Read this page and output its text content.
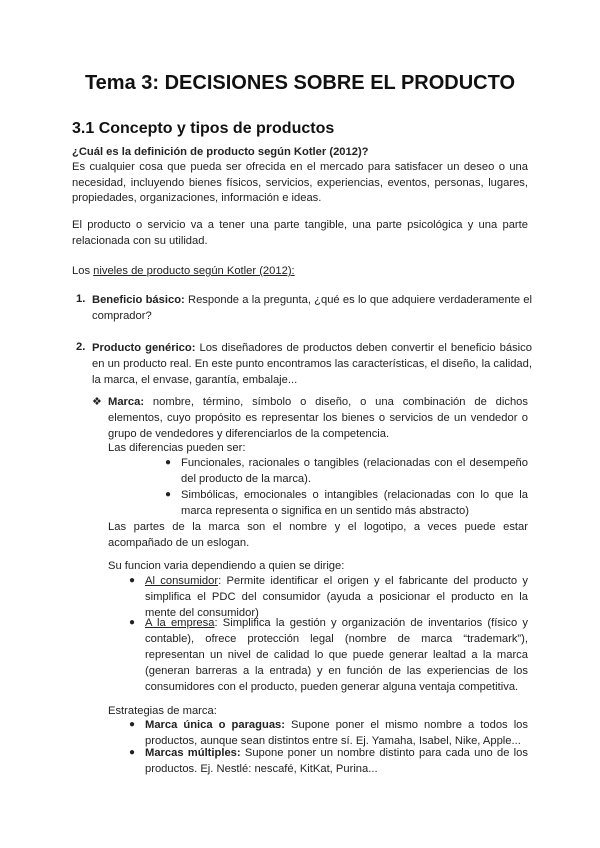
Tema 3: DECISIONES SOBRE EL PRODUCTO
3.1 Concepto y tipos de productos
¿Cuál es la definición de producto según Kotler (2012)?
Es cualquier cosa que pueda ser ofrecida en el mercado para satisfacer un deseo o una necesidad, incluyendo bienes físicos, servicios, experiencias, eventos, personas, lugares, propiedades, organizaciones, información e ideas.
El producto o servicio va a tener una parte tangible, una parte psicológica y una parte relacionada con su utilidad.
Los niveles de producto según Kotler (2012):
1. Beneficio básico: Responde a la pregunta, ¿qué es lo que adquiere verdaderamente el comprador?
2. Producto genérico: Los diseñadores de productos deben convertir el beneficio básico en un producto real. En este punto encontramos las características, el diseño, la calidad, la marca, el envase, garantía, embalaje...
❖ Marca: nombre, término, símbolo o diseño, o una combinación de dichos elementos, cuyo propósito es representar los bienes o servicios de un vendedor o grupo de vendedores y diferenciarlos de la competencia.
Las diferencias pueden ser:
● Funcionales, racionales o tangibles (relacionadas con el desempeño del producto de la marca).
● Simbólicas, emocionales o intangibles (relacionadas con lo que la marca representa o significa en un sentido más abstracto)
Las partes de la marca son el nombre y el logotipo, a veces puede estar acompañado de un eslogan.
Su funcion varia dependiendo a quien se dirige:
● Al consumidor: Permite identificar el origen y el fabricante del producto y simplifica el PDC del consumidor (ayuda a posicionar el producto en la mente del consumidor)
● A la empresa: Simplifica la gestión y organización de inventarios (físico y contable), ofrece protección legal (nombre de marca “trademark”), representan un nivel de calidad lo que puede generar lealtad a la marca (generan barreras a la entrada) y en función de las experiencias de los consumidores con el producto, pueden generar alguna ventaja competitiva.
Estrategias de marca:
● Marca única o paraguas: Supone poner el mismo nombre a todos los productos, aunque sean distintos entre sí. Ej. Yamaha, Isabel, Nike, Apple...
● Marcas múltiples: Supone poner un nombre distinto para cada uno de los productos. Ej. Nestlé: nescafé, KitKat, Purina...
